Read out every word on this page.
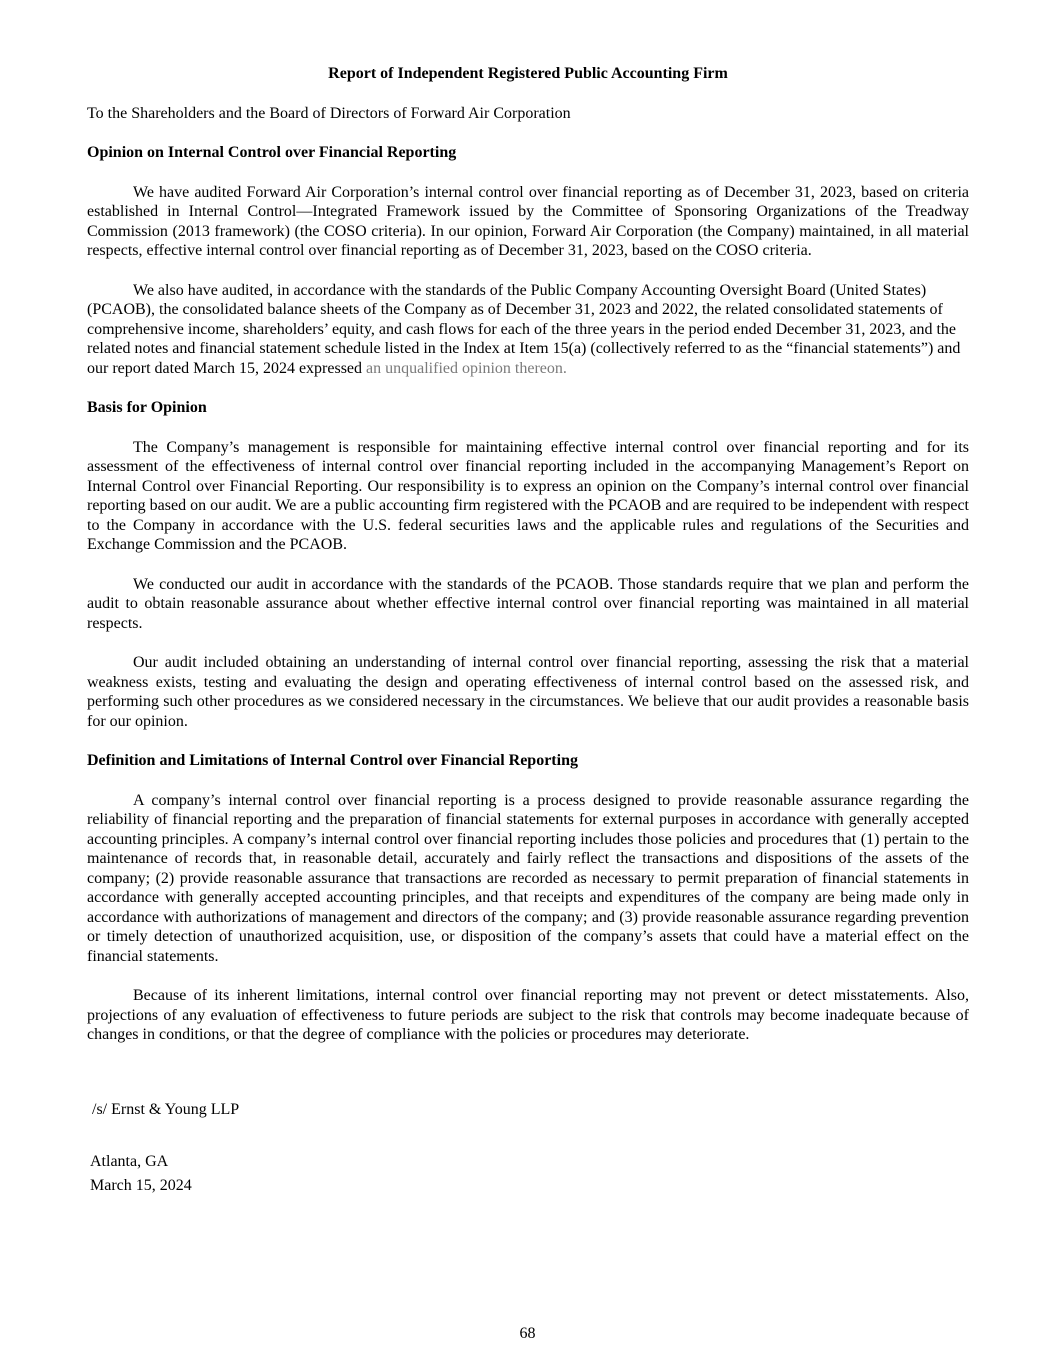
Report of Independent Registered Public Accounting Firm

To the Shareholders and the Board of Directors of Forward Air Corporation

Opinion on Internal Control over Financial Reporting

We have audited Forward Air Corporation’s internal control over financial reporting as of December 31, 2023, based on criteria established in Internal Control—Integrated Framework issued by the Committee of Sponsoring Organizations of the Treadway Commission (2013 framework) (the COSO criteria). In our opinion, Forward Air Corporation (the Company) maintained, in all material respects, effective internal control over financial reporting as of December 31, 2023, based on the COSO criteria.

We also have audited, in accordance with the standards of the Public Company Accounting Oversight Board (United States) (PCAOB), the consolidated balance sheets of the Company as of December 31, 2023 and 2022, the related consolidated statements of comprehensive income, shareholders’ equity, and cash flows for each of the three years in the period ended December 31, 2023, and the related notes and financial statement schedule listed in the Index at Item 15(a) (collectively referred to as the “financial statements”) and our report dated March 15, 2024 expressed an unqualified opinion thereon.

Basis for Opinion

The Company’s management is responsible for maintaining effective internal control over financial reporting and for its assessment of the effectiveness of internal control over financial reporting included in the accompanying Management’s Report on Internal Control over Financial Reporting. Our responsibility is to express an opinion on the Company’s internal control over financial reporting based on our audit. We are a public accounting firm registered with the PCAOB and are required to be independent with respect to the Company in accordance with the U.S. federal securities laws and the applicable rules and regulations of the Securities and Exchange Commission and the PCAOB.

We conducted our audit in accordance with the standards of the PCAOB. Those standards require that we plan and perform the audit to obtain reasonable assurance about whether effective internal control over financial reporting was maintained in all material respects.

Our audit included obtaining an understanding of internal control over financial reporting, assessing the risk that a material weakness exists, testing and evaluating the design and operating effectiveness of internal control based on the assessed risk, and performing such other procedures as we considered necessary in the circumstances. We believe that our audit provides a reasonable basis for our opinion.

Definition and Limitations of Internal Control over Financial Reporting

A company’s internal control over financial reporting is a process designed to provide reasonable assurance regarding the reliability of financial reporting and the preparation of financial statements for external purposes in accordance with generally accepted accounting principles. A company’s internal control over financial reporting includes those policies and procedures that (1) pertain to the maintenance of records that, in reasonable detail, accurately and fairly reflect the transactions and dispositions of the assets of the company; (2) provide reasonable assurance that transactions are recorded as necessary to permit preparation of financial statements in accordance with generally accepted accounting principles, and that receipts and expenditures of the company are being made only in accordance with authorizations of management and directors of the company; and (3) provide reasonable assurance regarding prevention or timely detection of unauthorized acquisition, use, or disposition of the company’s assets that could have a material effect on the financial statements.

Because of its inherent limitations, internal control over financial reporting may not prevent or detect misstatements. Also, projections of any evaluation of effectiveness to future periods are subject to the risk that controls may become inadequate because of changes in conditions, or that the degree of compliance with the policies or procedures may deteriorate.

/s/ Ernst & Young LLP

Atlanta, GA

March 15, 2024

68
